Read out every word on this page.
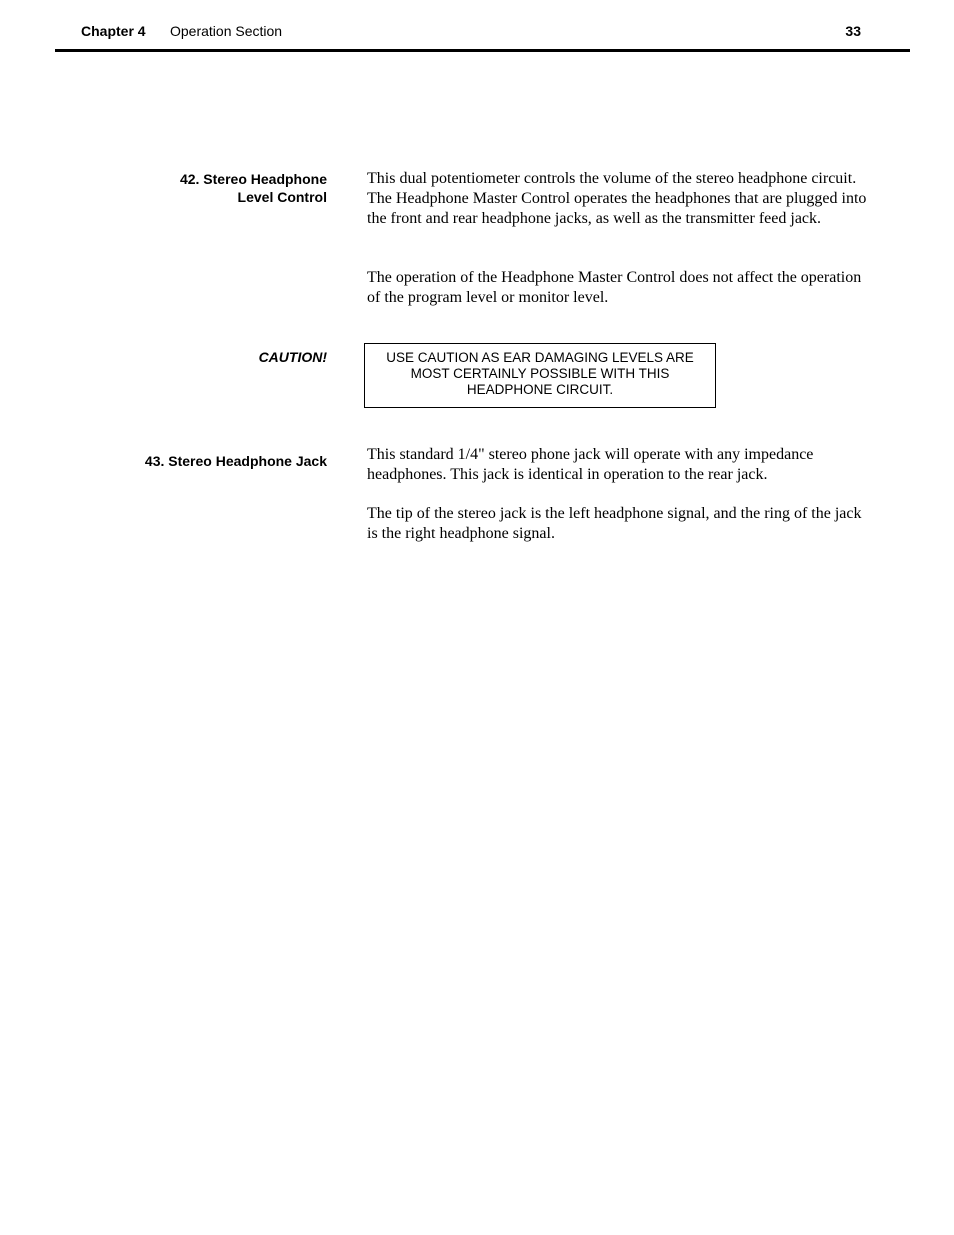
Chapter 4 Operation Section	33
42. Stereo Headphone
Level Control

This dual potentiometer controls the volume of the stereo headphone circuit. The Headphone Master Control operates the headphones that are plugged into the front and rear headphone jacks, as well as the transmitter feed jack.

The operation of the Headphone Master Control does not affect the operation of the program level or monitor level.

CAUTION!	USE CAUTION AS EAR DAMAGING LEVELS ARE
MOST CERTAINLY POSSIBLE WITH THIS
HEADPHONE CIRCUIT.
43. Stereo Headphone Jack	This standard 1/4" stereo phone jack will operate with any impedance headphones. This jack is identical in operation to the rear jack.

The tip of the stereo jack is the left headphone signal, and the ring of the jack is the right headphone signal.
